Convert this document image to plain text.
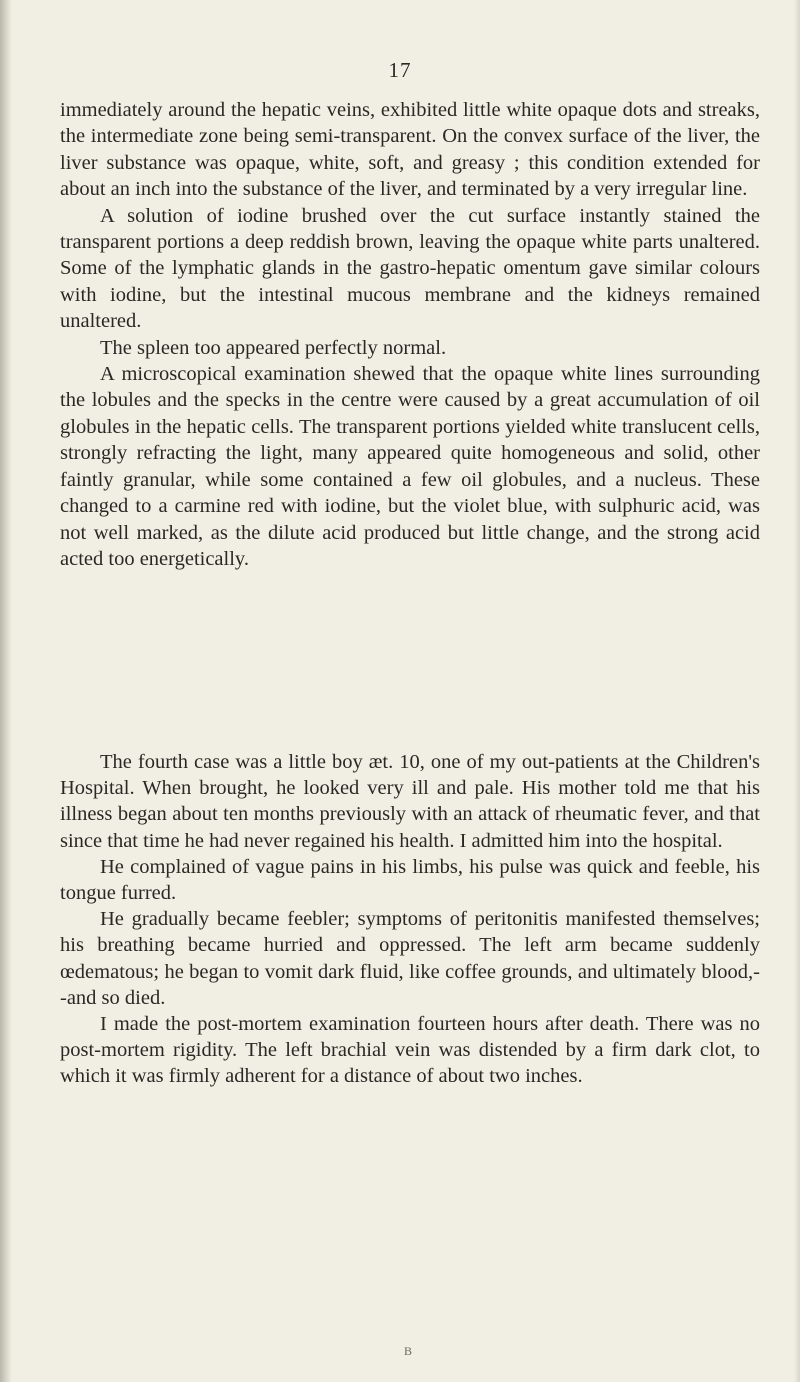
17

immediately around the hepatic veins, exhibited little white opaque dots and streaks, the intermediate zone being semi-transparent. On the convex surface of the liver, the liver substance was opaque, white, soft, and greasy ; this condition extended for about an inch into the substance of the liver, and terminated by a very irregular line.

A solution of iodine brushed over the cut surface instantly stained the transparent portions a deep reddish brown, leaving the opaque white parts unaltered. Some of the lymphatic glands in the gastro-hepatic omentum gave similar colours with iodine, but the intestinal mucous membrane and the kidneys remained unaltered.

The spleen too appeared perfectly normal.

A microscopical examination shewed that the opaque white lines surrounding the lobules and the specks in the centre were caused by a great accumulation of oil globules in the hepatic cells. The transparent portions yielded white translucent cells, strongly refracting the light, many appeared quite homogeneous and solid, other faintly granular, while some contained a few oil globules, and a nucleus. These changed to a carmine red with iodine, but the violet blue, with sulphuric acid, was not well marked, as the dilute acid produced but little change, and the strong acid acted too energetically.

The fourth case was a little boy æt. 10, one of my out-patients at the Children's Hospital. When brought, he looked very ill and pale. His mother told me that his illness began about ten months previously with an attack of rheumatic fever, and that since that time he had never regained his health. I admitted him into the hospital.

He complained of vague pains in his limbs, his pulse was quick and feeble, his tongue furred.

He gradually became feebler; symptoms of peritonitis manifested themselves; his breathing became hurried and oppressed. The left arm became suddenly œdematous; he began to vomit dark fluid, like coffee grounds, and ultimately blood,--and so died.

I made the post-mortem examination fourteen hours after death. There was no post-mortem rigidity. The left brachial vein was distended by a firm dark clot, to which it was firmly adherent for a distance of about two inches.

B
